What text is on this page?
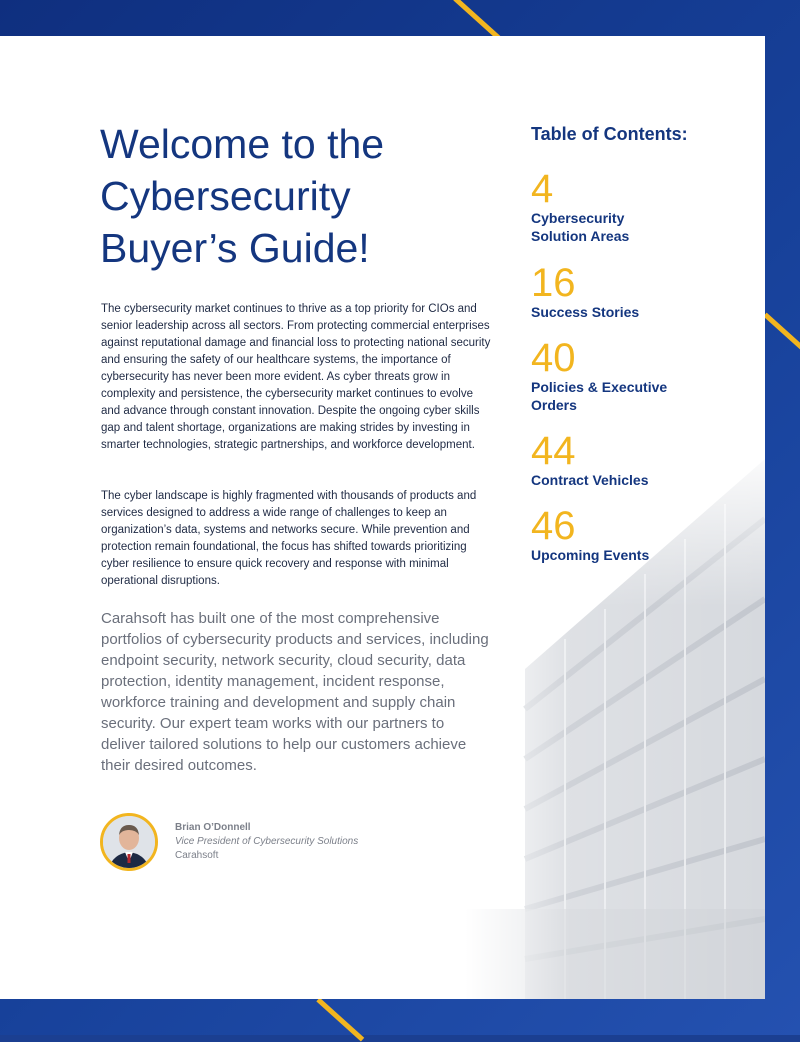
Welcome to the
Cybersecurity
Buyer’s Guide!

The cybersecurity market continues to thrive as a top priority for CIOs and senior leadership across all sectors. From protecting commercial enterprises against reputational damage and financial loss to protecting national security and ensuring the safety of our healthcare systems, the importance of cybersecurity has never been more evident. As cyber threats grow in complexity and persistence, the cybersecurity market continues to evolve and advance through constant innovation. Despite the ongoing cyber skills gap and talent shortage, organizations are making strides by investing in smarter technologies, strategic partnerships, and workforce development.

The cyber landscape is highly fragmented with thousands of products and services designed to address a wide range of challenges to keep an organization’s data, systems and networks secure. While prevention and protection remain foundational, the focus has shifted towards prioritizing cyber resilience to ensure quick recovery and response with minimal operational disruptions.

Carahsoft has built one of the most comprehensive portfolios of cybersecurity products and services, including endpoint security, network security, cloud security, data protection, identity management, incident response, workforce training and development and supply chain security. Our expert team works with our partners to deliver tailored solutions to help our customers achieve their desired outcomes.

Brian O’Donnell
Vice President of Cybersecurity Solutions
Carahsoft
Table of Contents:
4
Cybersecurity Solution Areas
16
Success Stories
40
Policies & Executive Orders
44
Contract Vehicles
46
Upcoming Events
